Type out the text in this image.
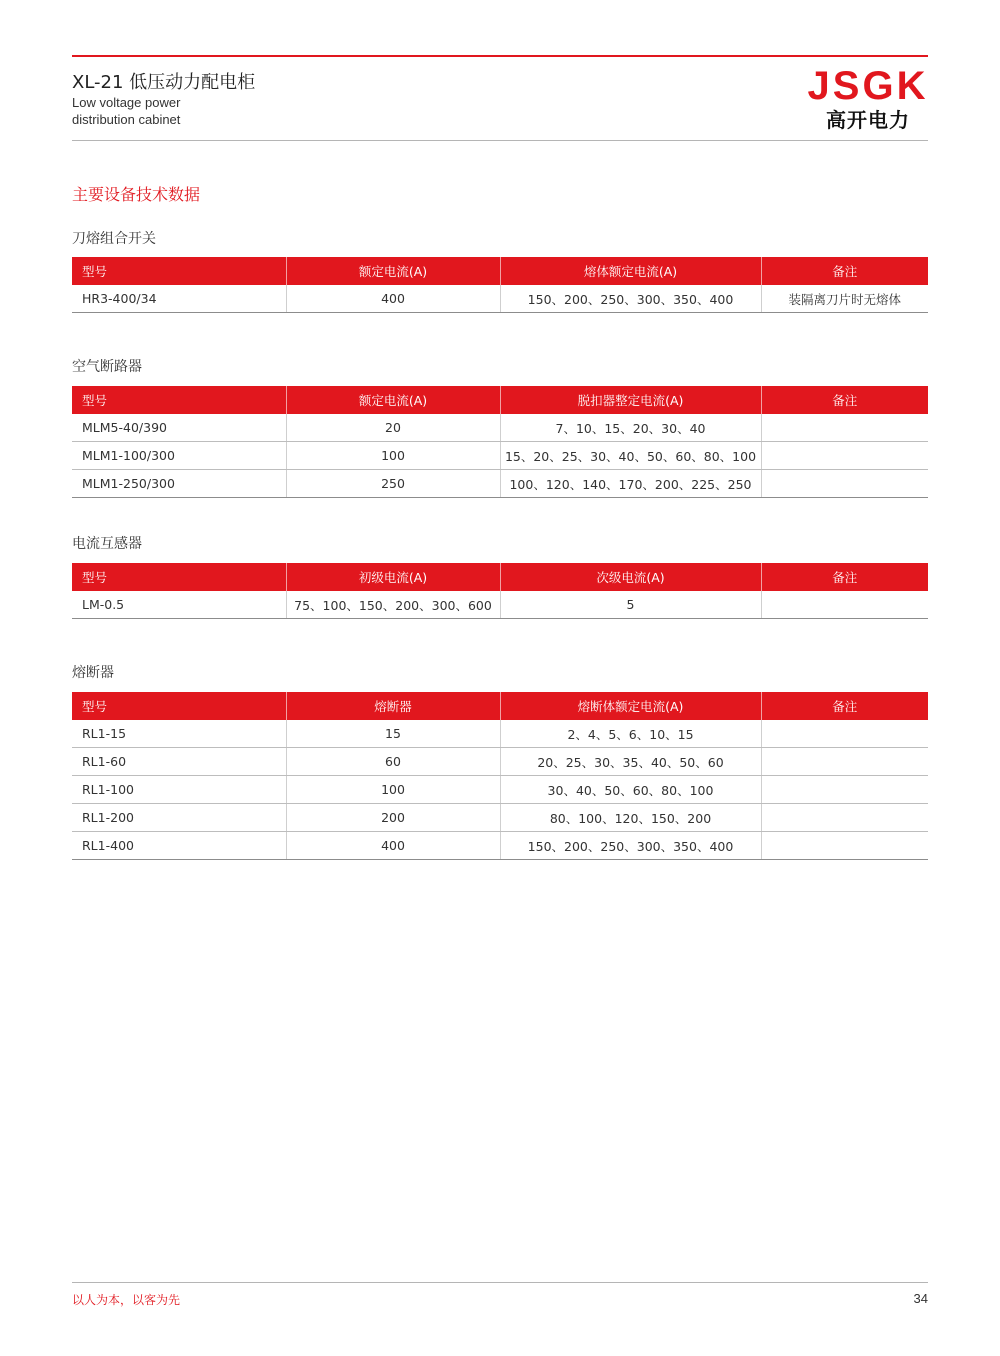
XL-21 低压动力配电柜
Low voltage power
distribution cabinet
JSGK
高开电力
主要设备技术数据
刀熔组合开关
型号	额定电流(A)	熔体额定电流(A)	备注
HR3-400/34	400	150、200、250、300、350、400	装隔离刀片时无熔体
空气断路器
型号	额定电流(A)	脱扣器整定电流(A)	备注
MLM5-40/390	20	7、10、15、20、30、40	
MLM1-100/300	100	15、20、25、30、40、50、60、80、100	
MLM1-250/300	250	100、120、140、170、200、225、250	
电流互感器
型号	初级电流(A)	次级电流(A)	备注
LM-0.5	75、100、150、200、300、600	5	
熔断器
型号	熔断器	熔断体额定电流(A)	备注
RL1-15	15	2、4、5、6、10、15	
RL1-60	60	20、25、30、35、40、50、60	
RL1-100	100	30、40、50、60、80、100	
RL1-200	200	80、100、120、150、200	
RL1-400	400	150、200、250、300、350、400	
以人为本，以客为先	34
